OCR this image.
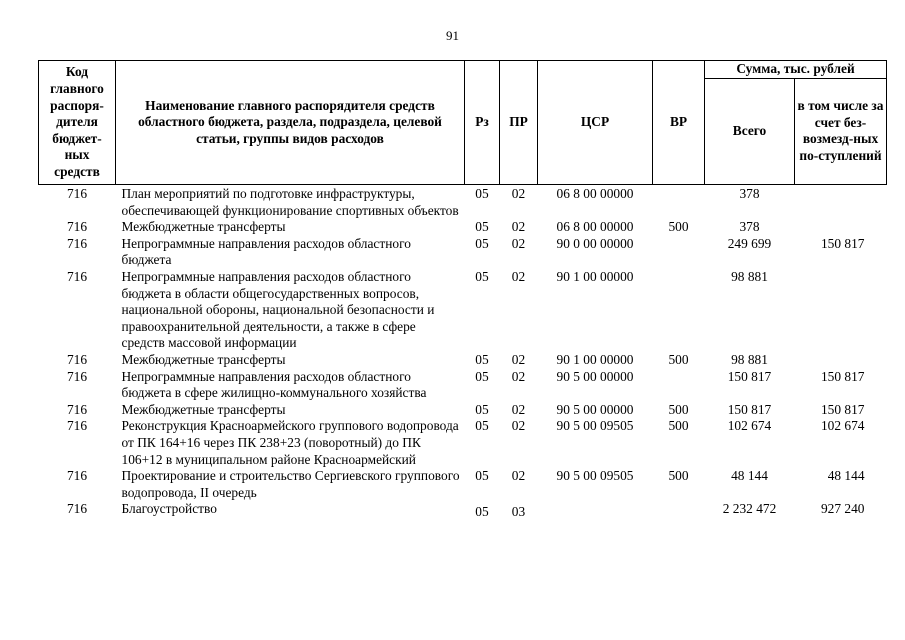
91
Код главного распоря-дителя бюджет-ных средств	Наименование главного распорядителя средств областного бюджета, раздела, подраздела, целевой статьи, группы видов расходов	Рз	ПР	ЦСР	ВР	Сумма, тыс. рублей	
						Всего	в том числе за счет без-возмезд-ных по-ступлений
716	План мероприятий по подготовке инфраструктуры, обеспечивающей функционирование спортивных объектов	05	02	06 8 00 00000		378	
716	Межбюджетные трансферты	05	02	06 8 00 00000	500	378	
716	Непрограммные направления расходов областного бюджета	05	02	90 0 00 00000		249 699	150 817
716	Непрограммные направления расходов областного бюджета в области общегосударственных вопросов, национальной обороны, национальной безопасности и правоохранительной деятельности, а также в сфере средств массовой информации	05	02	90 1 00 00000		98 881	
716	Межбюджетные трансферты	05	02	90 1 00 00000	500	98 881	
716	Непрограммные направления расходов областного бюджета в сфере жилищно-коммунального хозяйства	05	02	90 5 00 00000		150 817	150 817
716	Межбюджетные трансферты	05	02	90 5 00 00000	500	150 817	150 817
716	Реконструкция Красноармейского группового водопровода от ПК 164+16 через ПК 238+23 (поворотный) до ПК 106+12 в муниципальном районе Красноармейский	05	02	90 5 00 09505	500	102 674	102 674
716	Проектирование и строительство Сергиевского группового водопровода, II очередь	05	02	90 5 00 09505	500	48 144	48 144
716	Благоустройство	05	03			2 232 472	927 240
